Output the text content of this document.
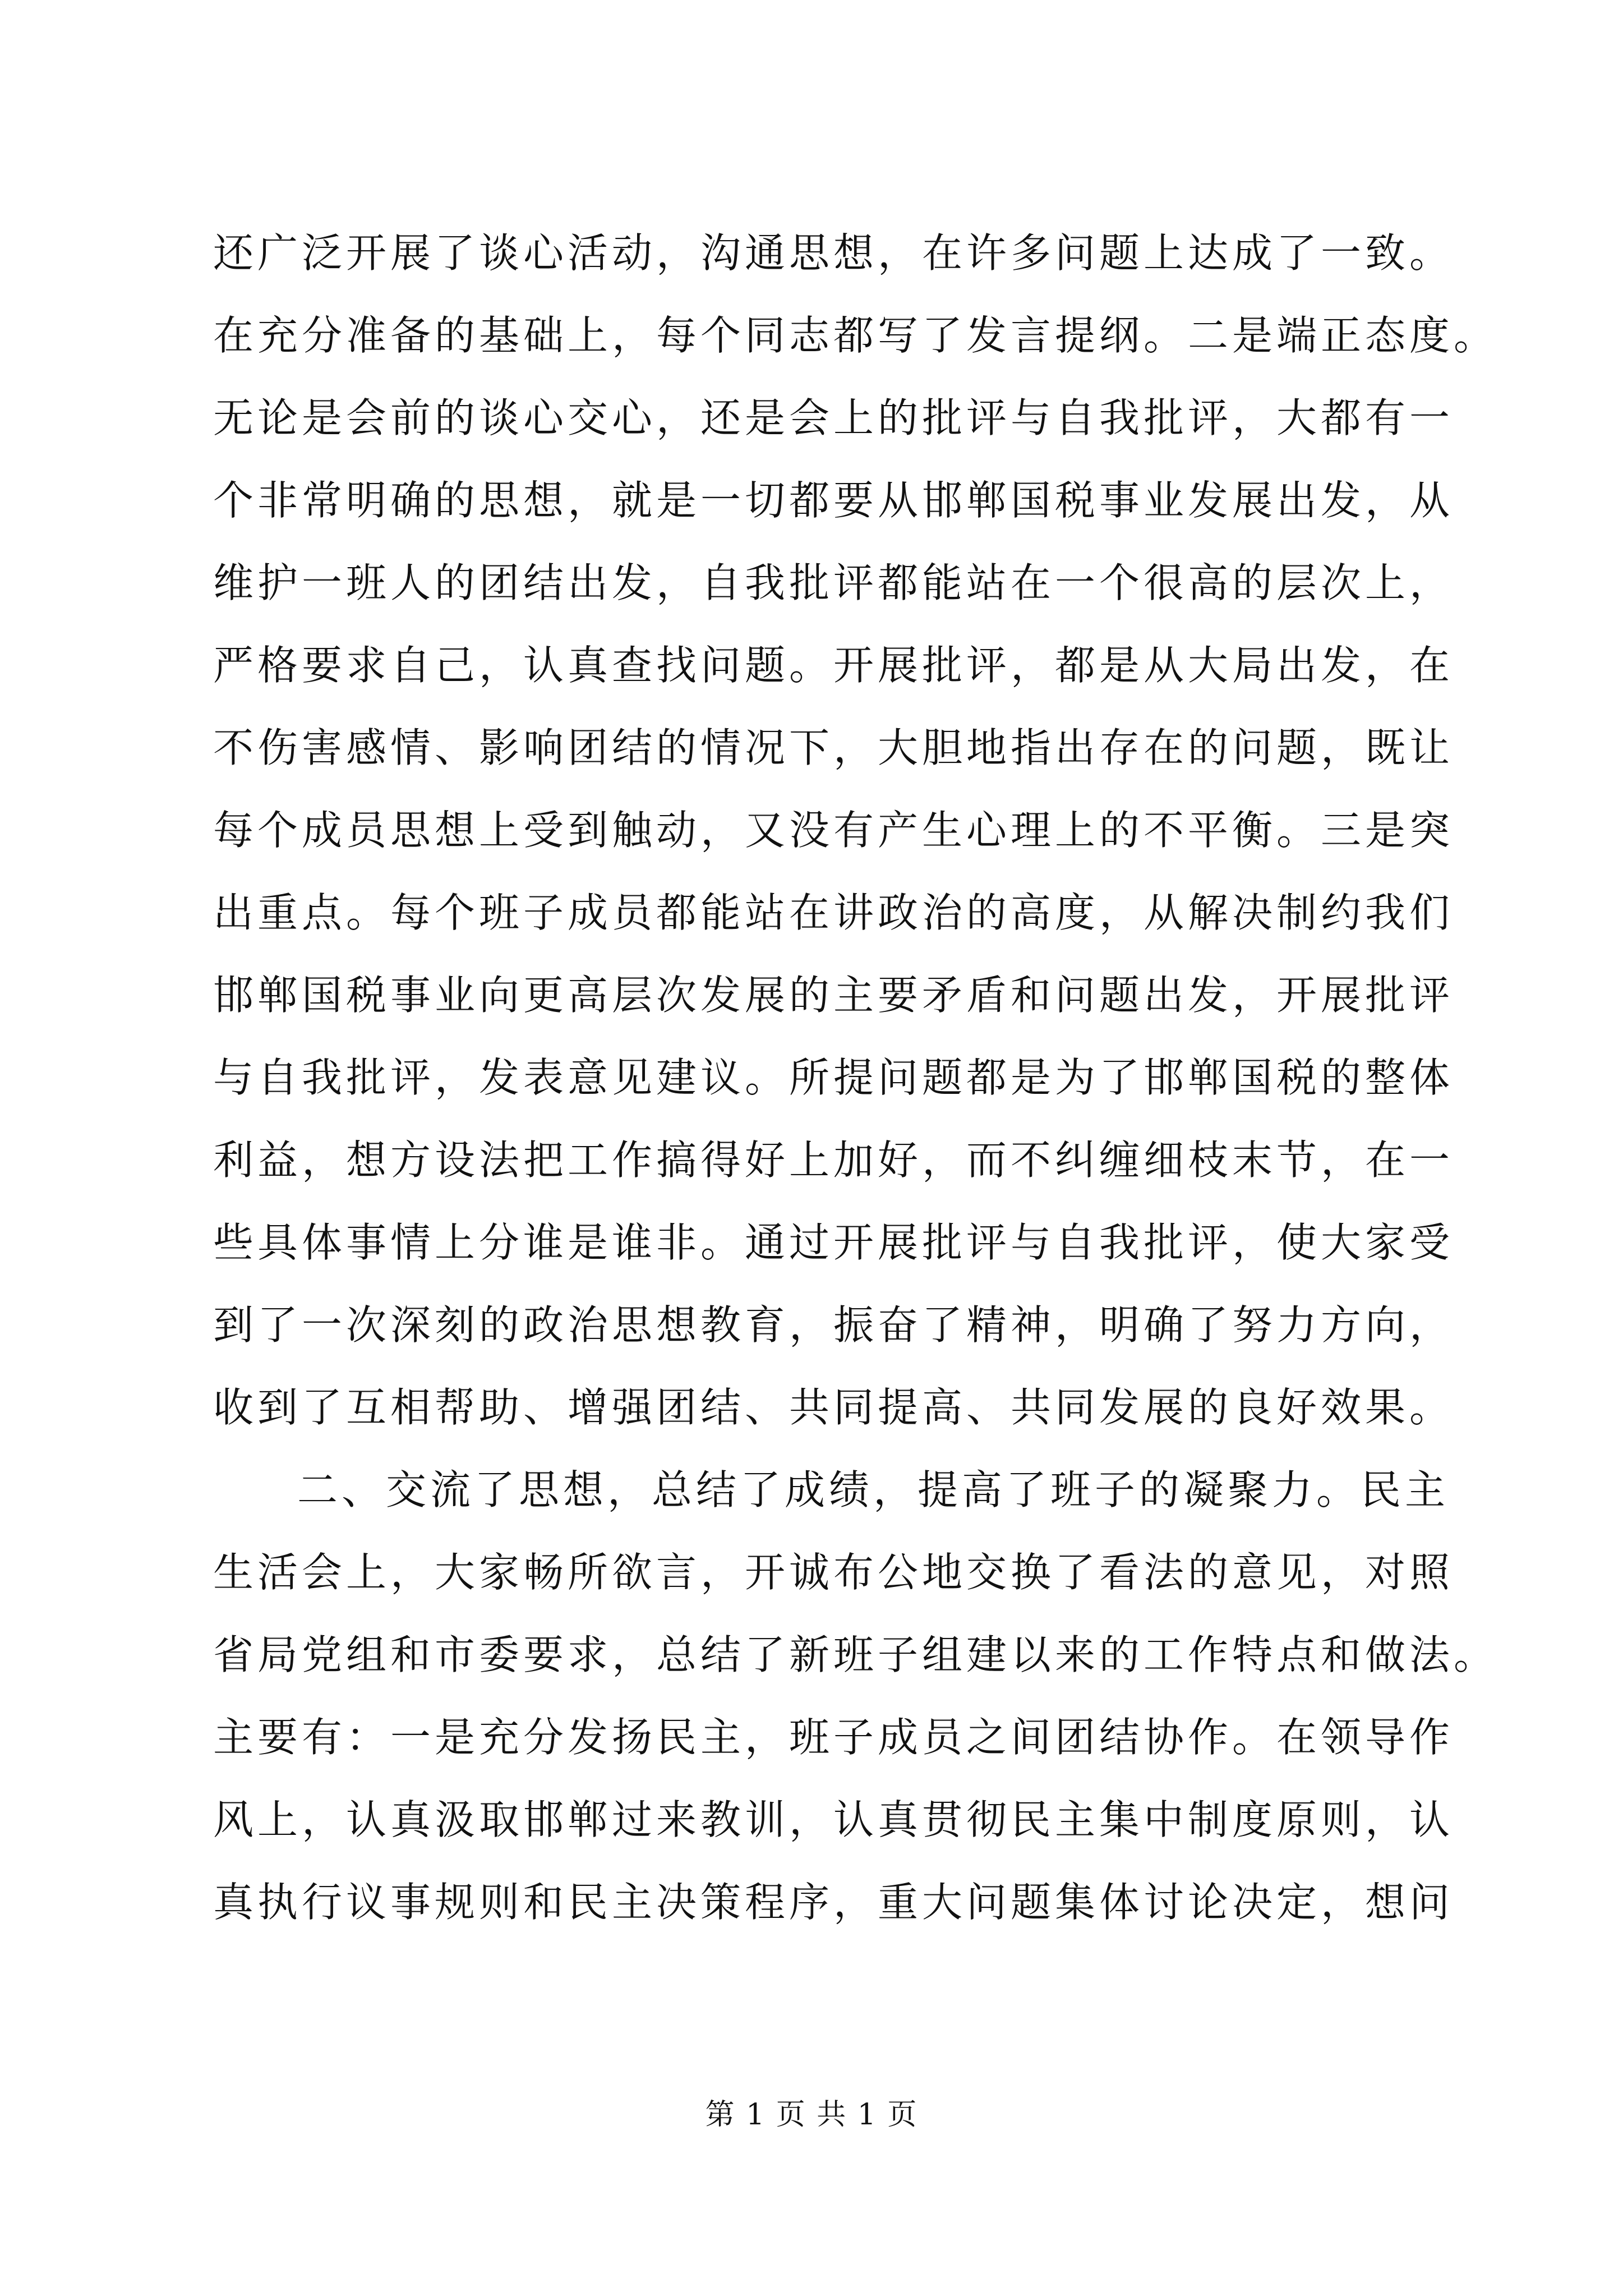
还广泛开展了谈心活动，沟通思想，在许多问题上达成了一致。
在充分准备的基础上，每个同志都写了发言提纲。二是端正态度。
无论是会前的谈心交心，还是会上的批评与自我批评，大都有一
个非常明确的思想，就是一切都要从邯郸国税事业发展出发，从
维护一班人的团结出发，自我批评都能站在一个很高的层次上，
严格要求自己，认真查找问题。开展批评，都是从大局出发，在
不伤害感情、影响团结的情况下，大胆地指出存在的问题，既让
每个成员思想上受到触动，又没有产生心理上的不平衡。三是突
出重点。每个班子成员都能站在讲政治的高度，从解决制约我们
邯郸国税事业向更高层次发展的主要矛盾和问题出发，开展批评
与自我批评，发表意见建议。所提问题都是为了邯郸国税的整体
利益，想方设法把工作搞得好上加好，而不纠缠细枝末节，在一
些具体事情上分谁是谁非。通过开展批评与自我批评，使大家受
到了一次深刻的政治思想教育，振奋了精神，明确了努力方向，
收到了互相帮助、增强团结、共同提高、共同发展的良好效果。
二、交流了思想，总结了成绩，提高了班子的凝聚力。民主
生活会上，大家畅所欲言，开诚布公地交换了看法的意见，对照
省局党组和市委要求，总结了新班子组建以来的工作特点和做法。
主要有：一是充分发扬民主，班子成员之间团结协作。在领导作
风上，认真汲取邯郸过来教训，认真贯彻民主集中制度原则，认
真执行议事规则和民主决策程序，重大问题集体讨论决定，想问
第 1 页 共 1 页
